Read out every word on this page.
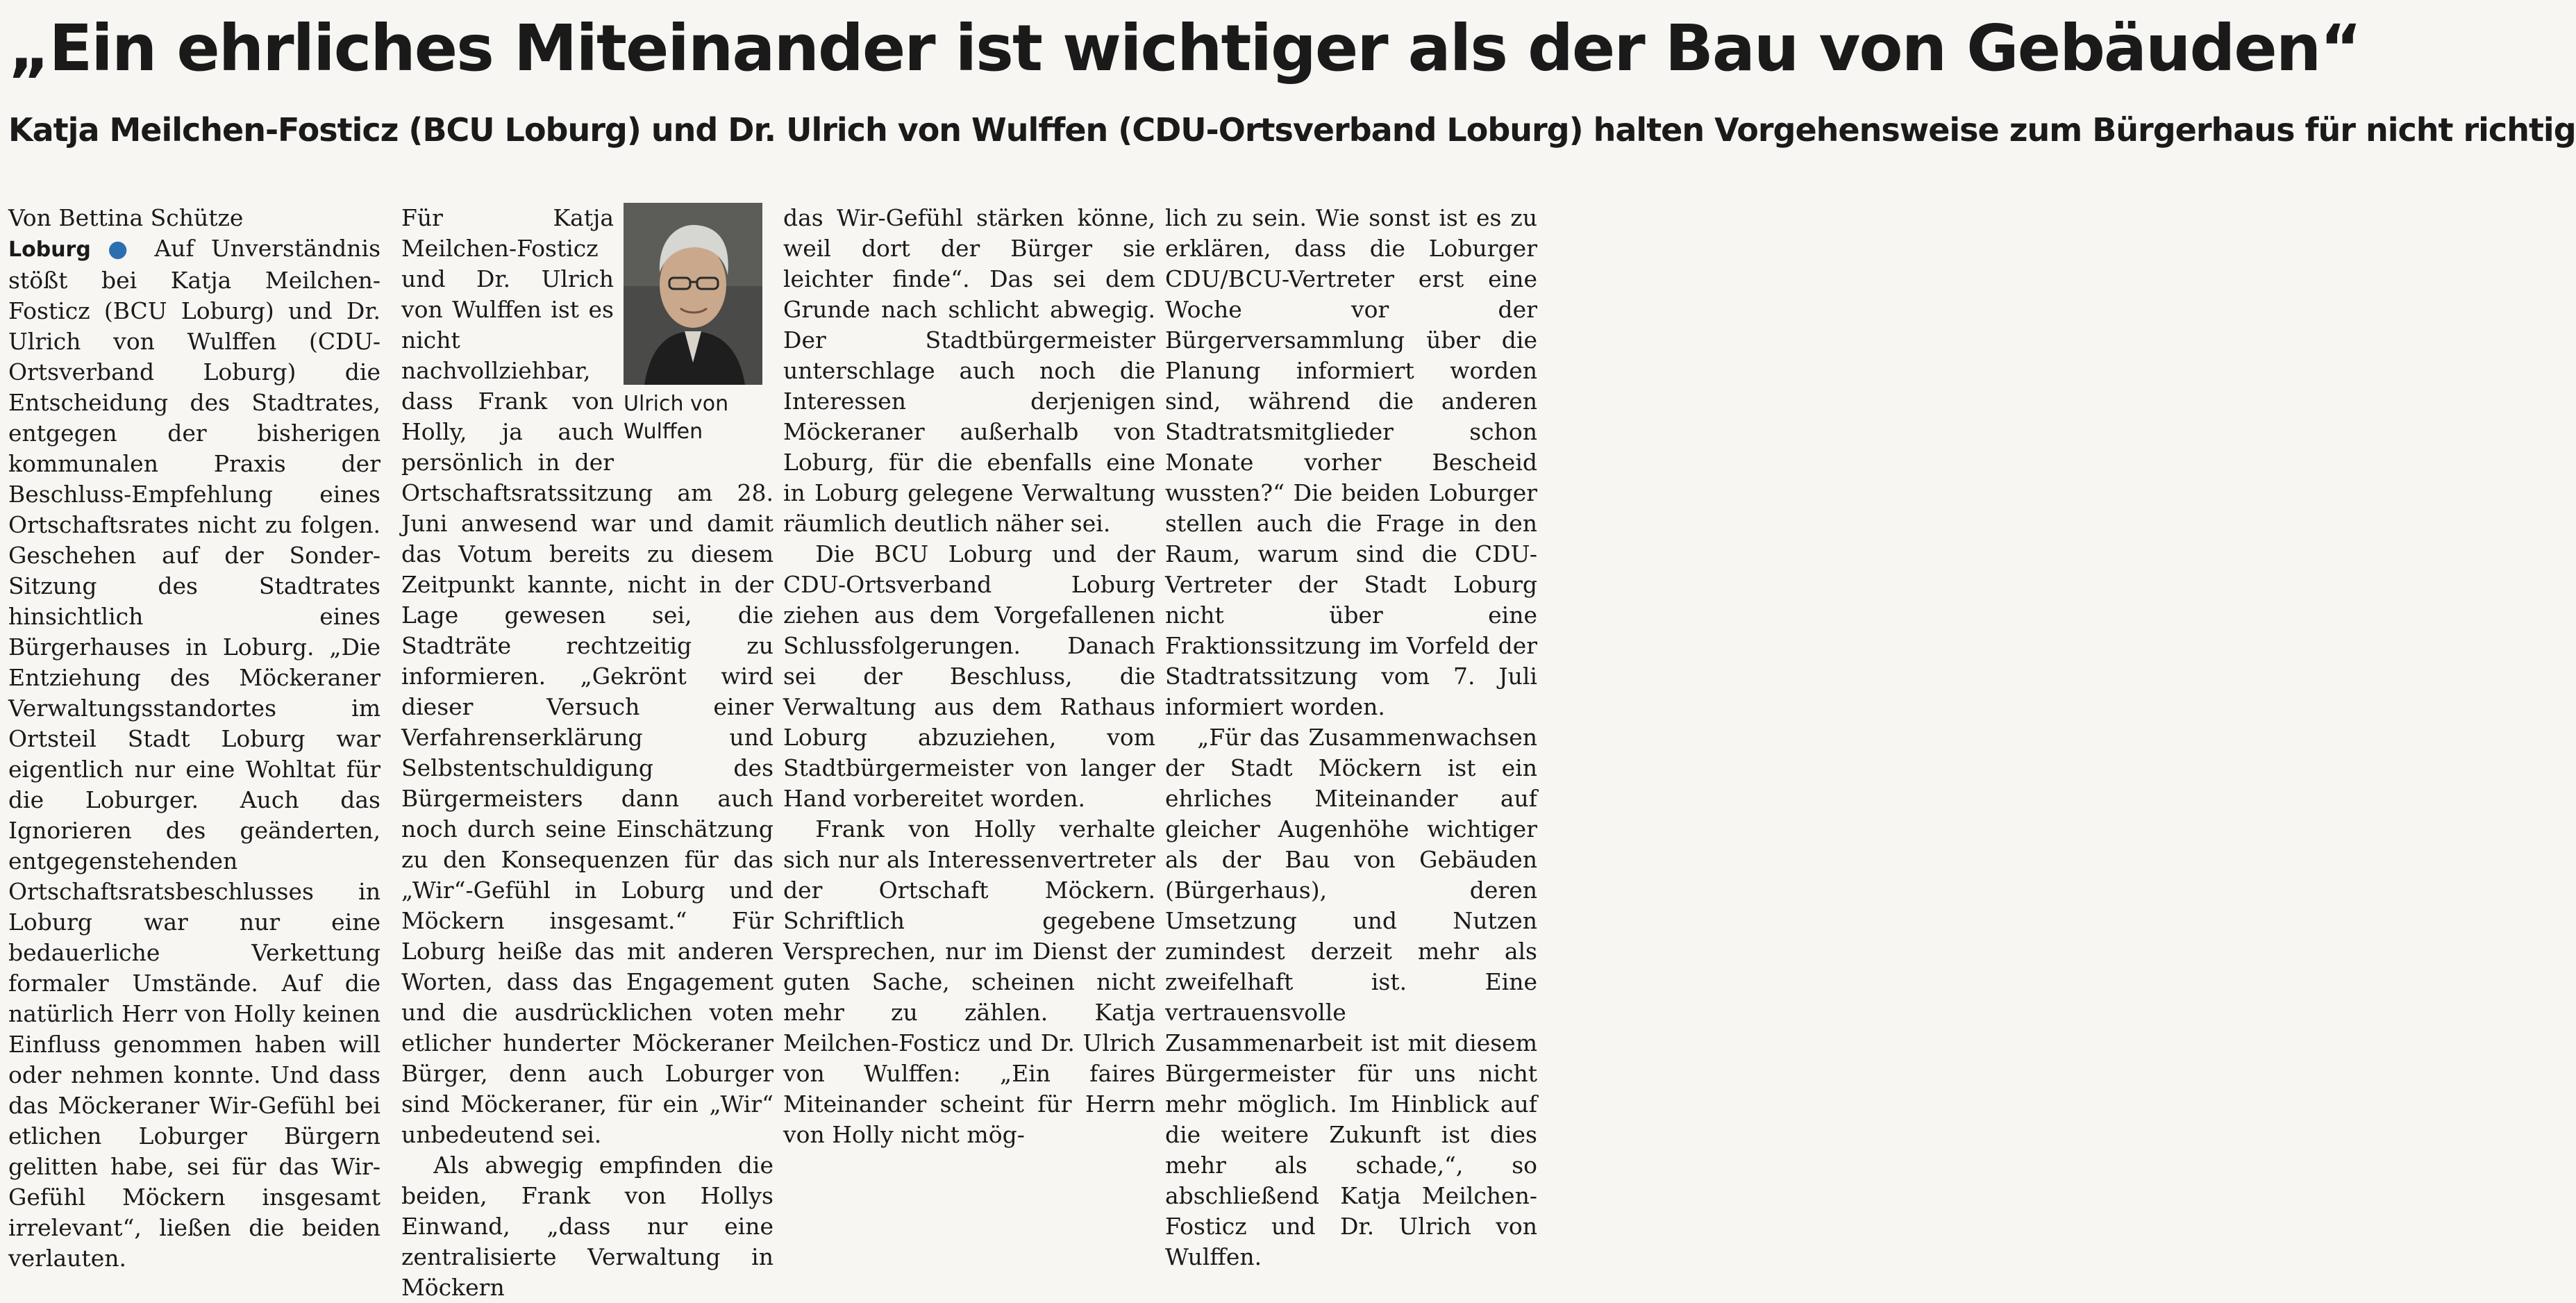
„Ein ehrliches Miteinander ist wichtiger als der Bau von Gebäuden“
Katja Meilchen-Fosticz (BCU Loburg) und Dr. Ulrich von Wulffen (CDU-Ortsverband Loburg) halten Vorgehensweise zum Bürgerhaus für nicht richtig
Von Bettina Schütze

Loburg ● Auf Unverständnis stößt bei Katja Meilchen-Fosticz (BCU Loburg) und Dr. Ulrich von Wulffen (CDU-Ortsverband Loburg) die Entscheidung des Stadtrates, entgegen der bisherigen kommunalen Praxis der Beschluss-Empfehlung eines Ortschaftsrates nicht zu folgen. Geschehen auf der Sonder-Sitzung des Stadtrates hinsichtlich eines Bürgerhauses in Loburg. „Die Entziehung des Möckeraner Verwaltungsstandortes im Ortsteil Stadt Loburg war eigentlich nur eine Wohltat für die Loburger. Auch das Ignorieren des geänderten, entgegenstehenden Ortschaftsratsbeschlusses in Loburg war nur eine bedauerliche Verkettung formaler Umstände. Auf die natürlich Herr von Holly keinen Einfluss genommen haben will oder nehmen konnte. Und dass das Möckeraner Wir-Gefühl bei etlichen Loburger Bürgern gelitten habe, sei für das Wir-Gefühl Möckern insgesamt irrelevant“, ließen die beiden verlauten.

Ulrich von Wulffen

Für Katja Meilchen-Fosticz und Dr. Ulrich von Wulffen ist es nicht nachvollziehbar, dass Frank von Holly, ja auch persönlich in der Ortschaftsratssitzung am 28. Juni anwesend war und damit das Votum bereits zu diesem Zeitpunkt kannte, nicht in der Lage gewesen sei, die Stadträte rechtzeitig zu informieren. „Gekrönt wird dieser Versuch einer Verfahrenserklärung und Selbstentschuldigung des Bürgermeisters dann auch noch durch seine Einschätzung zu den Konsequenzen für das „Wir“-Gefühl in Loburg und Möckern insgesamt.“ Für Loburg heiße das mit anderen Worten, dass das Engagement und die ausdrücklichen voten etlicher hunderter Möckeraner Bürger, denn auch Loburger sind Möckeraner, für ein „Wir“ unbedeutend sei.

Als abwegig empfinden die beiden, Frank von Hollys Einwand, „dass nur eine zentralisierte Verwaltung in Möckern

das Wir-Gefühl stärken könne, weil dort der Bürger sie leichter finde“. Das sei dem Grunde nach schlicht abwegig. Der Stadtbürgermeister unterschlage auch noch die Interessen derjenigen Möckeraner außerhalb von Loburg, für die ebenfalls eine in Loburg gelegene Verwaltung räumlich deutlich näher sei.

Die BCU Loburg und der CDU-Ortsverband Loburg ziehen aus dem Vorgefallenen Schlussfolgerungen. Danach sei der Beschluss, die Verwaltung aus dem Rathaus Loburg abzuziehen, vom Stadtbürgermeister von langer Hand vorbereitet worden.

Frank von Holly verhalte sich nur als Interessenvertreter der Ortschaft Möckern. Schriftlich gegebene Versprechen, nur im Dienst der guten Sache, scheinen nicht mehr zu zählen. Katja Meilchen-Fosticz und Dr. Ulrich von Wulffen: „Ein faires Miteinander scheint für Herrn von Holly nicht mög-

lich zu sein. Wie sonst ist es zu erklären, dass die Loburger CDU/BCU-Vertreter erst eine Woche vor der Bürgerversammlung über die Planung informiert worden sind, während die anderen Stadtratsmitglieder schon Monate vorher Bescheid wussten?“ Die beiden Loburger stellen auch die Frage in den Raum, warum sind die CDU-Vertreter der Stadt Loburg nicht über eine Fraktionssitzung im Vorfeld der Stadtratssitzung vom 7. Juli informiert worden.

„Für das Zusammenwachsen der Stadt Möckern ist ein ehrliches Miteinander auf gleicher Augenhöhe wichtiger als der Bau von Gebäuden (Bürgerhaus), deren Umsetzung und Nutzen zumindest derzeit mehr als zweifelhaft ist. Eine vertrauensvolle Zusammenarbeit ist mit diesem Bürgermeister für uns nicht mehr möglich. Im Hinblick auf die weitere Zukunft ist dies mehr als schade,“, so abschließend Katja Meilchen-Fosticz und Dr. Ulrich von Wulffen.
